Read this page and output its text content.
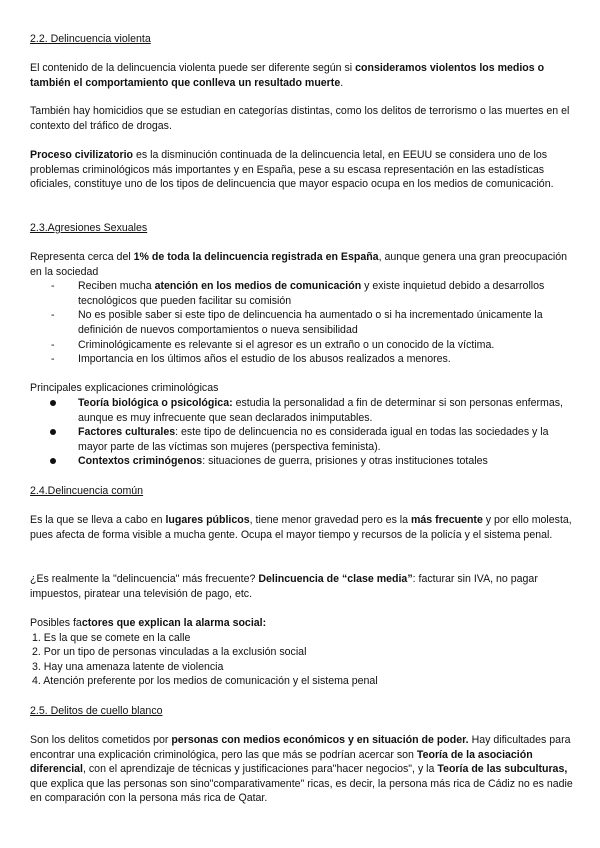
2.2. Delincuencia violenta

El contenido de la delincuencia violenta puede ser diferente según si consideramos violentos los medios o también el comportamiento que conlleva un resultado muerte.

También hay homicidios que se estudian en categorías distintas, como los delitos de terrorismo o las muertes en el contexto del tráfico de drogas.

Proceso civilizatorio es la disminución continuada de la delincuencia letal, en EEUU se considera uno de los problemas criminológicos más importantes y en España, pese a su escasa representación en las estadísticas oficiales, constituye uno de los tipos de delincuencia que mayor espacio ocupa en los medios de comunicación.

2.3.Agresiones Sexuales

Representa cerca del 1% de toda la delincuencia registrada en España, aunque genera una gran preocupación en la sociedad

- Reciben mucha atención en los medios de comunicación y existe inquietud debido a desarrollos tecnológicos que pueden facilitar su comisión
- No es posible saber si este tipo de delincuencia ha aumentado o si ha incrementado únicamente la definición de nuevos comportamientos o nueva sensibilidad
- Criminológicamente es relevante si el agresor es un extraño o un conocido de la víctima.
- Importancia en los últimos años el estudio de los abusos realizados a menores.

Principales explicaciones criminológicas

Teoría biológica o psicológica: estudia la personalidad a fin de determinar si son personas enfermas, aunque es muy infrecuente que sean declarados inimputables.
Factores culturales: este tipo de delincuencia no es considerada igual en todas las sociedades y la mayor parte de las víctimas son mujeres (perspectiva feminista).
Contextos criminógenos: situaciones de guerra, prisiones y otras instituciones totales
2.4.Delincuencia común

Es la que se lleva a cabo en lugares públicos, tiene menor gravedad pero es la más frecuente y por ello molesta, pues afecta de forma visible a mucha gente. Ocupa el mayor tiempo y recursos de la policía y el sistema penal.

¿Es realmente la "delincuencia" más frecuente? Delincuencia de “clase media”: facturar sin IVA, no pagar impuestos, piratear una televisión de pago, etc.

Posibles factores que explican la alarma social:

1. Es la que se comete en la calle
2. Por un tipo de personas vinculadas a la exclusión social
3. Hay una amenaza latente de violencia
4. Atención preferente por los medios de comunicación y el sistema penal
2.5. Delitos de cuello blanco

Son los delitos cometidos por personas con medios económicos y en situación de poder. Hay dificultades para encontrar una explicación criminológica, pero las que más se podrían acercar son Teoría de la asociación diferencial, con el aprendizaje de técnicas y justificaciones para"hacer negocios", y la Teoría de las subculturas, que explica que las personas son sino"comparativamente" ricas, es decir, la persona más rica de Cádiz no es nadie en comparación con la persona más rica de Qatar.
